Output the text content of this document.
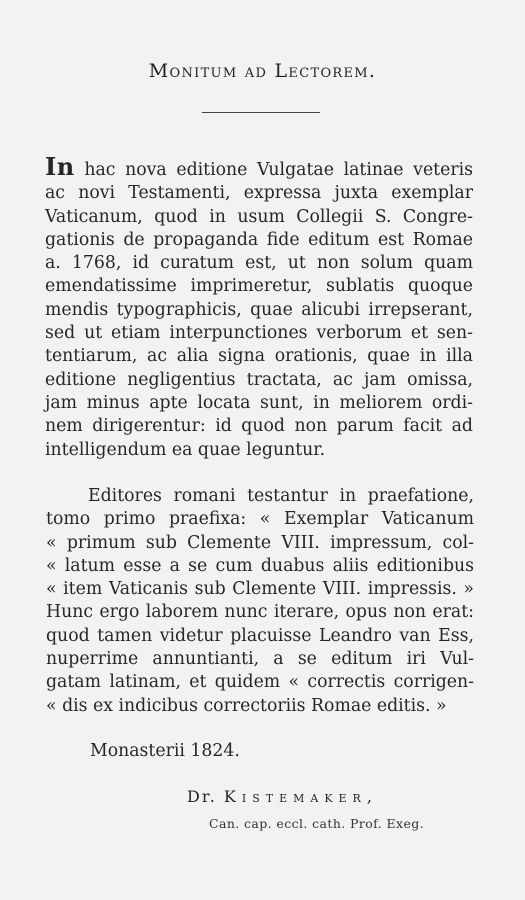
Monitum ad Lectorem.
In hac nova editione Vulgatae latinae veteris
ac novi Testamenti, expressa juxta exemplar
Vaticanum, quod in usum Collegii S. Congre-
gationis de propaganda fide editum est Romae
a. 1768, id curatum est, ut non solum quam
emendatissime imprimeretur, sublatis quoque
mendis typographicis, quae alicubi irrepserant,
sed ut etiam interpunctiones verborum et sen-
tentiarum, ac alia signa orationis, quae in illa
editione negligentius tractata, ac jam omissa,
jam minus apte locata sunt, in meliorem ordi-
nem dirigerentur: id quod non parum facit ad
intelligendum ea quae leguntur.
Editores romani testantur in praefatione,
tomo primo praefixa: « Exemplar Vaticanum
« primum sub Clemente VIII. impressum, col-
« latum esse a se cum duabus aliis editionibus
« item Vaticanis sub Clemente VIII. impressis. »
Hunc ergo laborem nunc iterare, opus non erat:
quod tamen videtur placuisse Leandro van Ess,
nuperrime annuntianti, a se editum iri Vul-
gatam latinam, et quidem « correctis corrigen-
« dis ex indicibus correctoriis Romae editis. »
Monasterii 1824.
Dr. Kistemaker,
Can. cap. eccl. cath. Prof. Exeg.
